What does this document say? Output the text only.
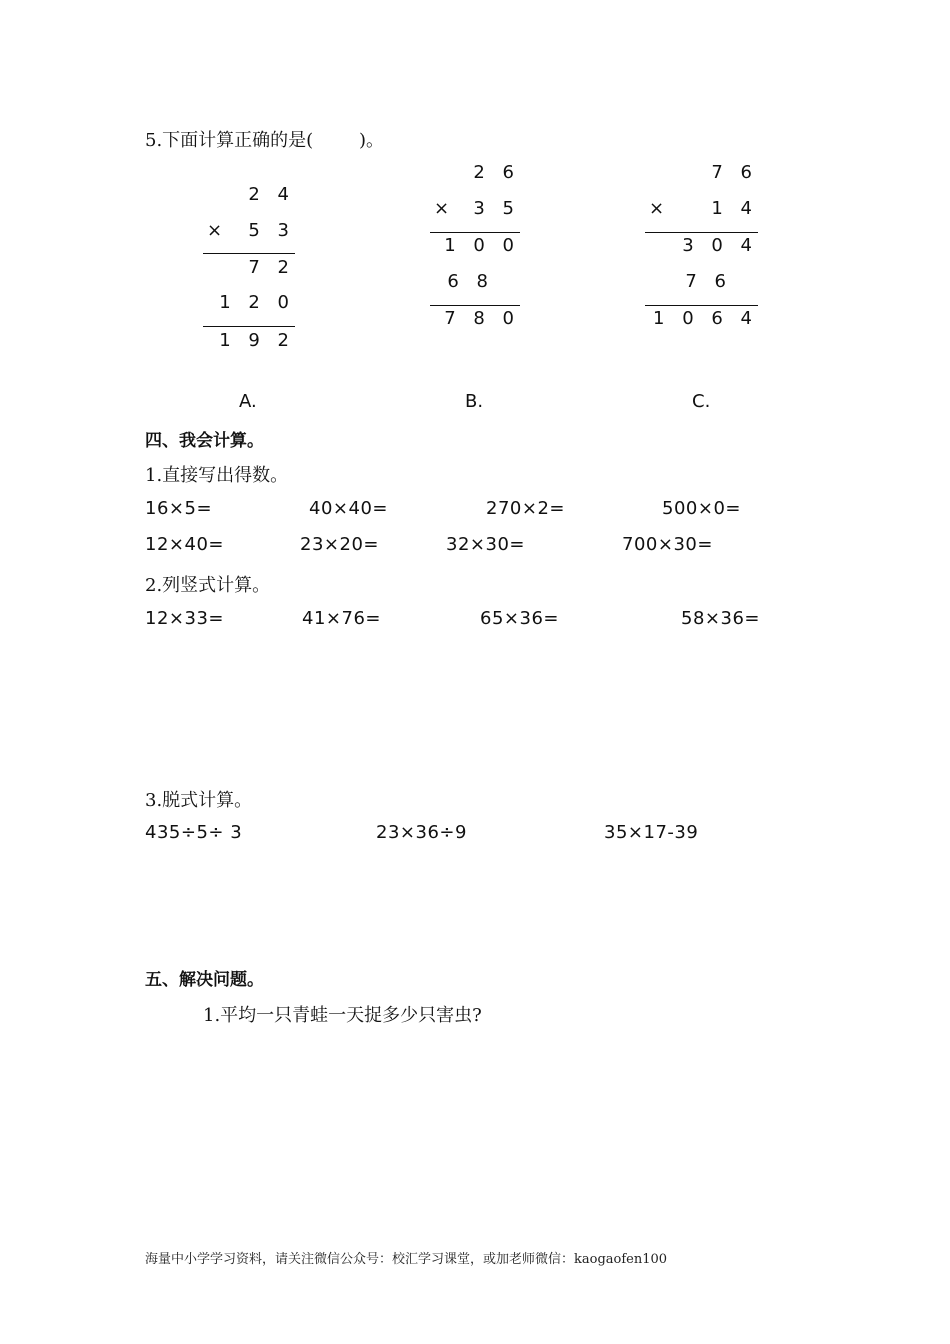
5.下面计算正确的是(        )。
2 4
× 5 3
7 2
1 2 0
1 9 2
2 6
× 3 5
1 0 0
6 8
7 8 0
7 6
×	1 4
3 0 4
7 6
1 0 6 4
A.	B.	C.
四、我会计算。
1.直接写出得数。
16×5=	40×40=	270×2=	500×0=
12×40=	23×20=	32×30=	700×30=
2.列竖式计算。
12×33=	41×76=	65×36=	58×36=
3.脱式计算。
435÷5÷ 3	23×36÷9	35×17-39
五、解决问题。
1.平均一只青蛙一天捉多少只害虫?
海量中小学学习资料，请关注微信公众号：校汇学习课堂，或加老师微信：kaogaofen100
